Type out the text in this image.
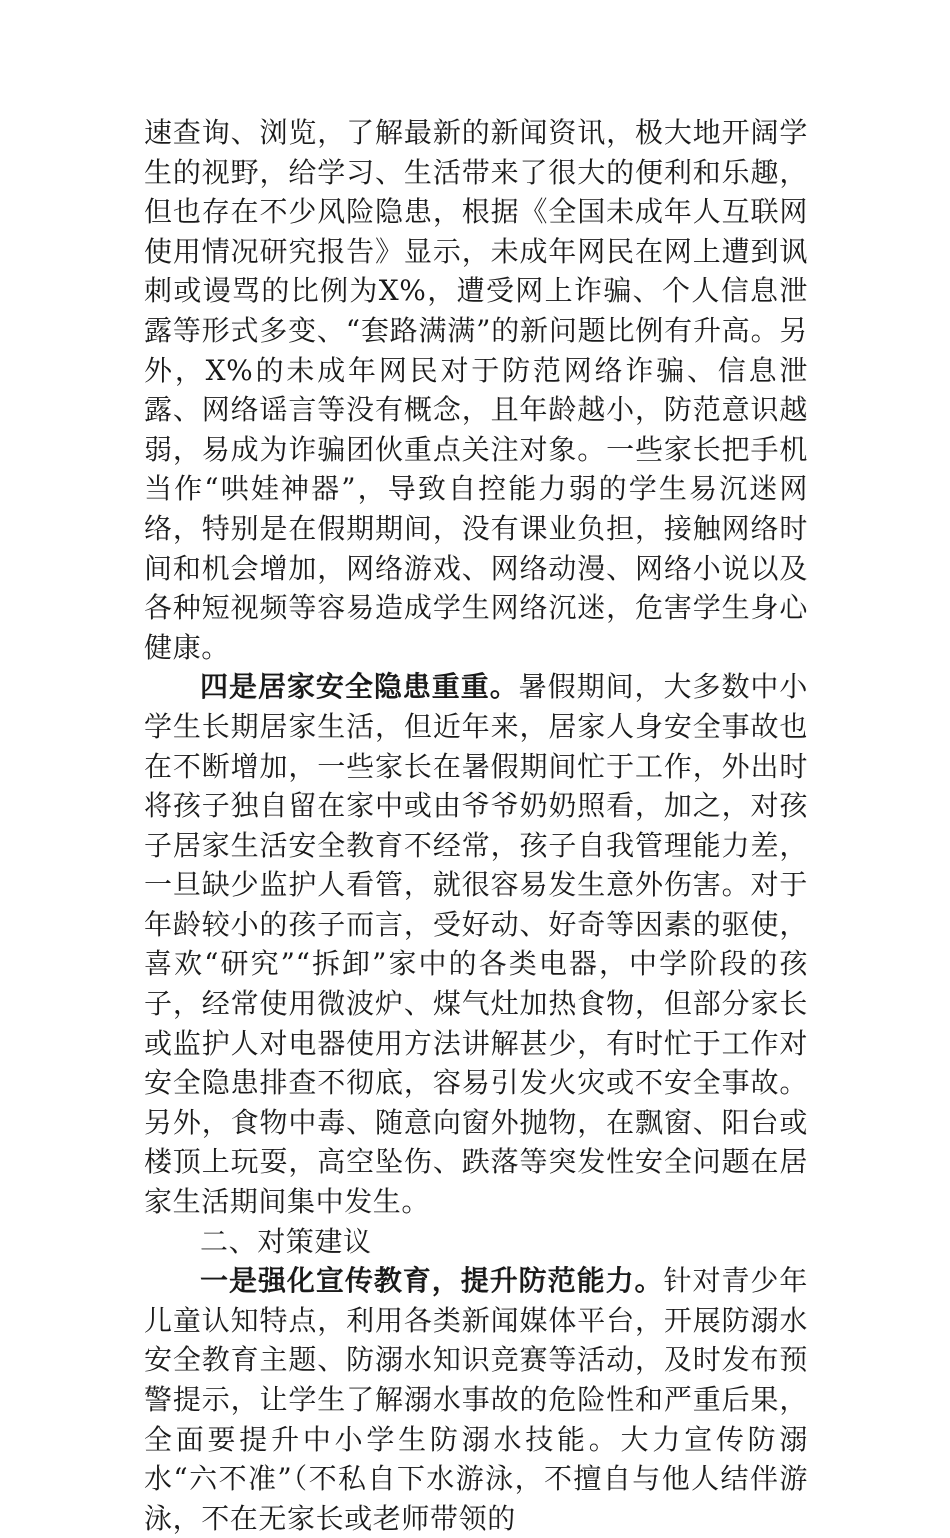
速查询、浏览，了解最新的新闻资讯，极大地开阔学生的视野，给学习、生活带来了很大的便利和乐趣，但也存在不少风险隐患，根据《全国未成年人互联网使用情况研究报告》显示，未成年网民在网上遭到讽刺或谩骂的比例为X%，遭受网上诈骗、个人信息泄露等形式多变、“套路满满”的新问题比例有升高。另外，X%的未成年网民对于防范网络诈骗、信息泄露、网络谣言等没有概念，且年龄越小，防范意识越弱，易成为诈骗团伙重点关注对象。一些家长把手机当作“哄娃神器”，导致自控能力弱的学生易沉迷网络，特别是在假期期间，没有课业负担，接触网络时间和机会增加，网络游戏、网络动漫、网络小说以及各种短视频等容易造成学生网络沉迷，危害学生身心健康。

四是居家安全隐患重重。暑假期间，大多数中小学生长期居家生活，但近年来，居家人身安全事故也在不断增加，一些家长在暑假期间忙于工作，外出时将孩子独自留在家中或由爷爷奶奶照看，加之，对孩子居家生活安全教育不经常，孩子自我管理能力差，一旦缺少监护人看管，就很容易发生意外伤害。对于年龄较小的孩子而言，受好动、好奇等因素的驱使，喜欢“研究”“拆卸”家中的各类电器，中学阶段的孩子，经常使用微波炉、煤气灶加热食物，但部分家长或监护人对电器使用方法讲解甚少，有时忙于工作对安全隐患排查不彻底，容易引发火灾或不安全事故。另外，食物中毒、随意向窗外抛物，在飘窗、阳台或楼顶上玩耍，高空坠伤、跌落等突发性安全问题在居家生活期间集中发生。

二、对策建议

一是强化宣传教育，提升防范能力。针对青少年儿童认知特点，利用各类新闻媒体平台，开展防溺水安全教育主题、防溺水知识竞赛等活动，及时发布预警提示，让学生了解溺水事故的危险性和严重后果，全面要提升中小学生防溺水技能。大力宣传防溺水“六不准”（不私自下水游泳，不擅自与他人结伴游泳，不在无家长或老师带领的
